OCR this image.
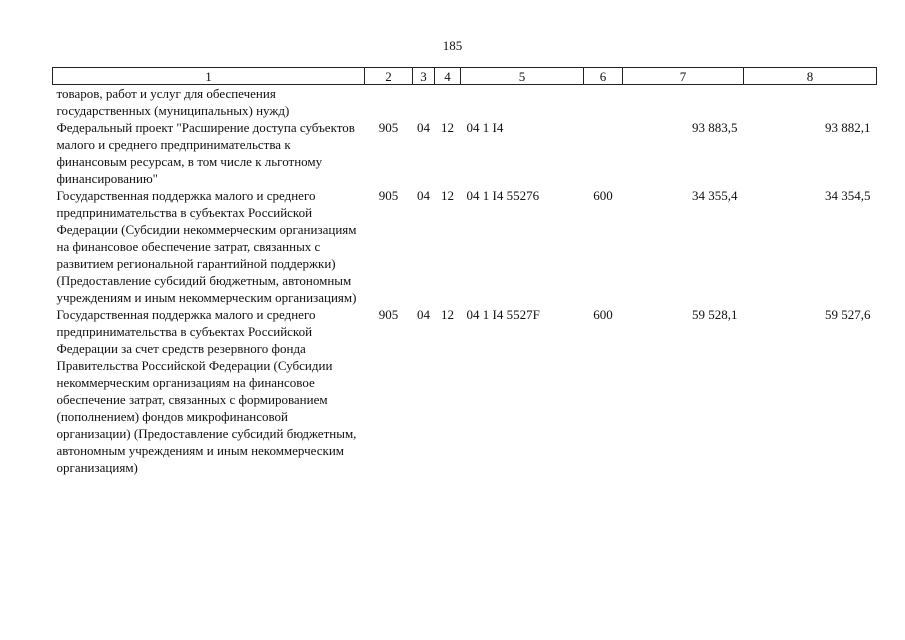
185
1	2	3	4	5	6	7	8
товаров, работ и услуг для обеспечения государственных (муниципальных) нужд)							
Федеральный проект "Расширение доступа субъектов малого и среднего предпринимательства к финансовым ресурсам, в том числе к льготному финансированию"	905	04	12	04 1 I4		93 883,5	93 882,1
Государственная поддержка малого и среднего предпринимательства в субъектах Российской Федерации (Субсидии некоммерческим организациям на финансовое обеспечение затрат, связанных с развитием региональной гарантийной поддержки) (Предоставление субсидий бюджетным, автономным учреждениям и иным некоммерческим организациям)	905	04	12	04 1 I4 55276	600	34 355,4	34 354,5
Государственная поддержка малого и среднего предпринимательства в субъектах Российской Федерации за счет средств резервного фонда Правительства Российской Федерации (Субсидии некоммерческим организациям на финансовое обеспечение затрат, связанных с формированием (пополнением) фондов микрофинансовой организации) (Предоставление субсидий бюджетным, автономным учреждениям и иным некоммерческим организациям)	905	04	12	04 1 I4 5527F	600	59 528,1	59 527,6
